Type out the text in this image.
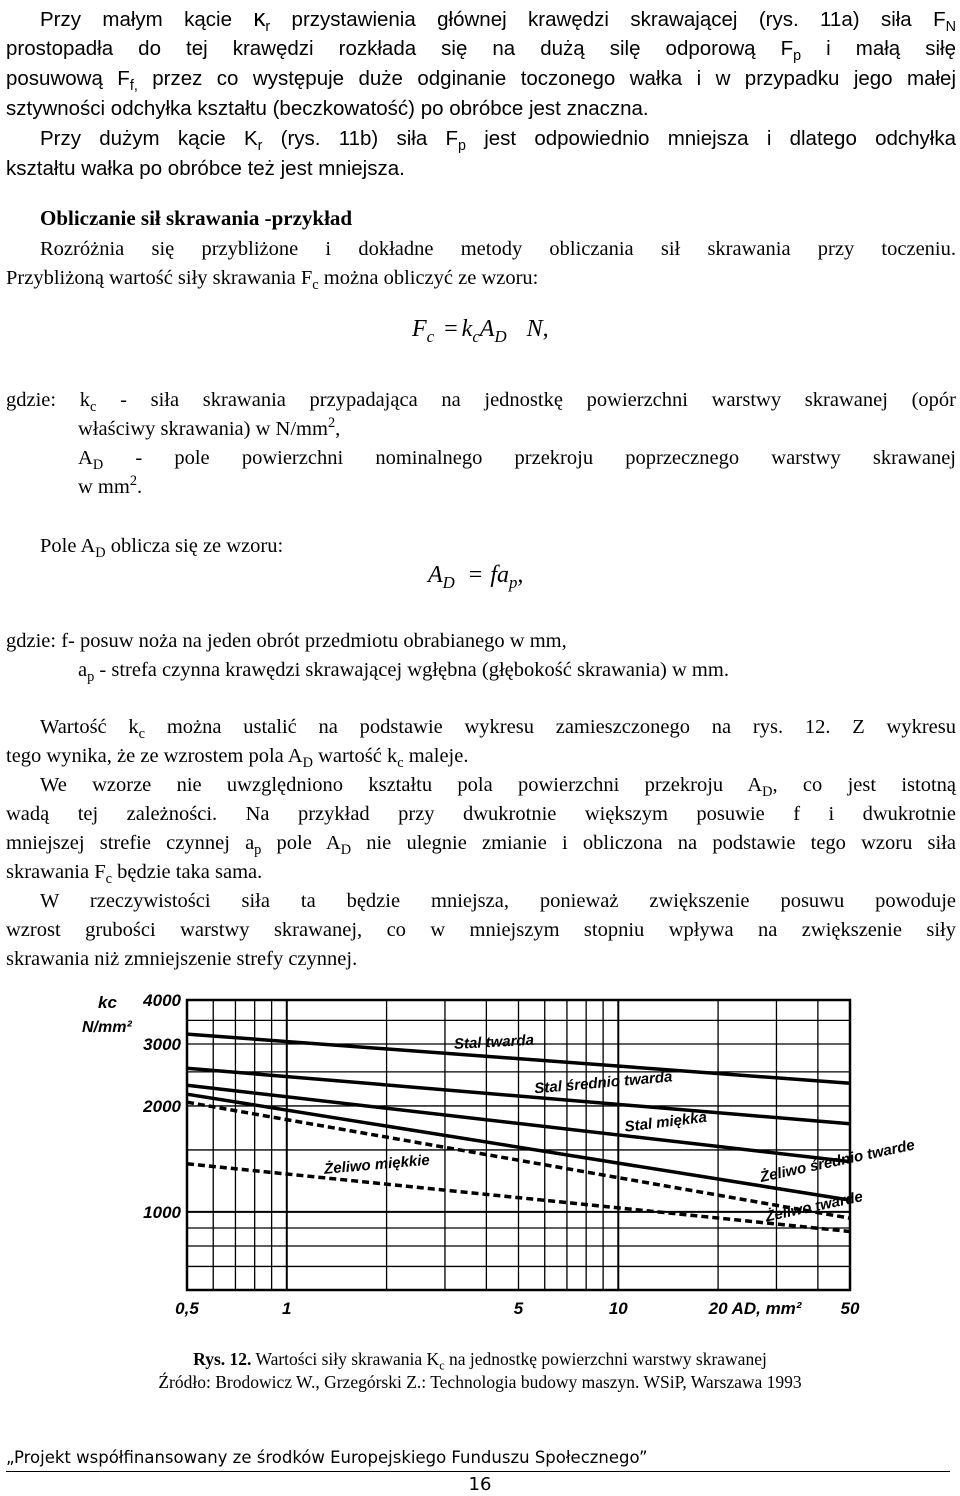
Przy małym kącie $\kappa_r$ przystawienia głównej krawędzi skrawającej (rys. 11a) siła $F_N$
prostopadła do tej krawędzi rozkłada się na dużą silę odporową $F_p$ i małą siłę
posuwową $F_{f,}$ przez co występuje duże odginanie toczonego wałka i w przypadku jego małej
sztywności odchyłka kształtu (beczkowatość) po obróbce jest znaczna.
Przy dużym kącie $K_r$ (rys. 11b) siła $F_p$ jest odpowiednio mniejsza i dlatego odchyłka
kształtu wałka po obróbce też jest mniejsza.
Obliczanie sił skrawania -przykład
Rozróżnia się przybliżone i dokładne metody obliczania sił skrawania przy toczeniu.
Przybliżoną wartość siły skrawania $F_c$ można obliczyć ze wzoru:
$F_c = k_cA_D$ N,
gdzie: $k_c$ - siła skrawania przypadająca na jednostkę powierzchni warstwy skrawanej (opór
właściwy skrawania) w $N/mm^2$,
$A_D$ - pole powierzchni nominalnego przekroju poprzecznego warstwy skrawanej
w $mm^2$.
Pole $A_D$ oblicza się ze wzoru:
$A_D = fa_p$,
gdzie: f- posuw noża na jeden obrót przedmiotu obrabianego w mm,
$a_p$ - strefa czynna krawędzi skrawającej wgłębna (głębokość skrawania) w mm.
Wartość $k_c$ można ustalić na podstawie wykresu zamieszczonego na rys. 12. Z wykresu
tego wynika, że ze wzrostem pola $A_D$ wartość $k_c$ maleje.
We wzorze nie uwzględniono kształtu pola powierzchni przekroju $A_D$, co jest istotną
wadą tej zależności. Na przykład przy dwukrotnie większym posuwie f i dwukrotnie
mniejszej strefie czynnej $a_p$ pole $A_D$ nie ulegnie zmianie i obliczona na podstawie tego wzoru siła
skrawania $F_c$ będzie taka sama.
W rzeczywistości siła ta będzie mniejsza, ponieważ zwiększenie posuwu powoduje
wzrost grubości warstwy skrawanej, co w mniejszym stopniu wpływa na zwiększenie siły
skrawania niż zmniejszenie strefy czynnej.
Stal twarda
Stal średnio twarda
Stal miękka
Żeliwo średnio twarde
Żeliwo twarde
Żeliwo miękkie
4000
3000
2000
1000
kc
N/mm²
0,5	1	5	10	20	50
AD, mm²
Rys. 12. Wartości siły skrawania $K_c$ na jednostkę powierzchni warstwy skrawanej
Źródło: Brodowicz W., Grzegórski Z.: Technologia budowy maszyn. WSiP, Warszawa 1993
„Projekt współfinansowany ze środków Europejskiego Funduszu Społecznego”
16
